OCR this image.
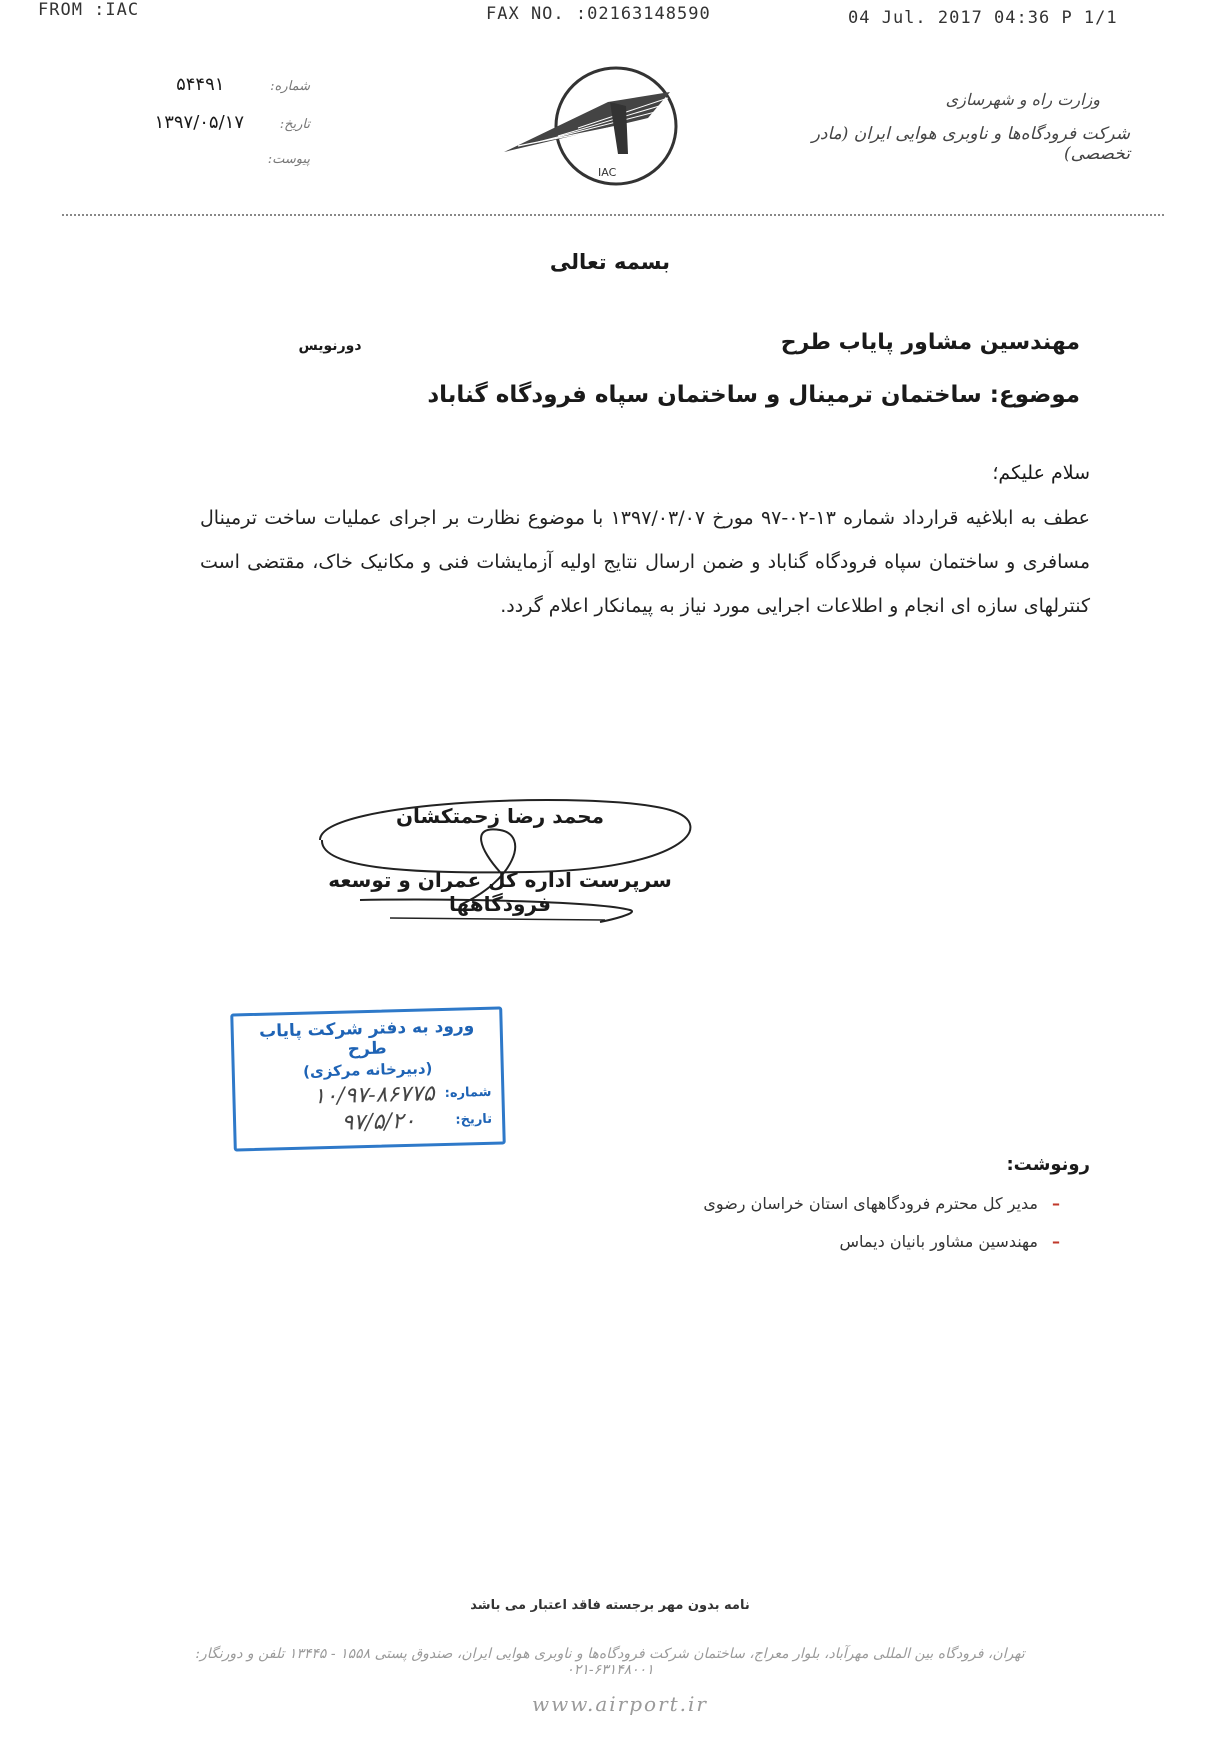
FROM :IAC	FAX NO. :02163148590	04 Jul. 2017 04:36 P 1/1
شماره: ۵۴۴۹۱
تاریخ: ۱۳۹۷/۰۵/۱۷
پیوست:
IAC
وزارت راه و شهرسازی
شرکت فرودگاه‌ها و ناوبری هوایی ایران (مادر تخصصی)
بسمه تعالی
مهندسین مشاور پایاب طرح
دورنویس
موضوع: ساختمان ترمینال و ساختمان سپاه فرودگاه گناباد
سلام علیکم؛
عطف به ابلاغیه قرارداد شماره ۱۳-۰۲-۹۷ مورخ ۱۳۹۷/۰۳/۰۷ با موضوع نظارت بر اجرای عملیات ساخت ترمینال مسافری و ساختمان سپاه فرودگاه گناباد و ضمن ارسال نتایج اولیه آزمایشات فنی و مکانیک خاک، مقتضی است کنترلهای سازه ای انجام و اطلاعات اجرایی مورد نیاز به پیمانکار اعلام گردد.
محمد رضا زحمتکشان
سرپرست اداره کل عمران و توسعه فرودگاهها
ورود به دفتر شرکت پایاب طرح
(دبیرخانه مرکزی)
شماره:
۱۰/۹۷-۸۶۷۷۵
تاریخ:
۹۷/۵/۲۰
رونوشت:
–
مدیر کل محترم فرودگاههای استان خراسان رضوی
–
مهندسین مشاور بانیان دیماس
نامه بدون مهر برجسته فاقد اعتبار می باشد
تهران، فرودگاه بین المللی مهرآباد، بلوار معراج، ساختمان شرکت فرودگاه‌ها و ناوبری هوایی ایران، صندوق پستی ۱۵۵۸ - ۱۳۴۴۵ تلفن و دورنگار: ۶۳۱۴۸۰۰۱-۰۲۱
www.airport.ir
